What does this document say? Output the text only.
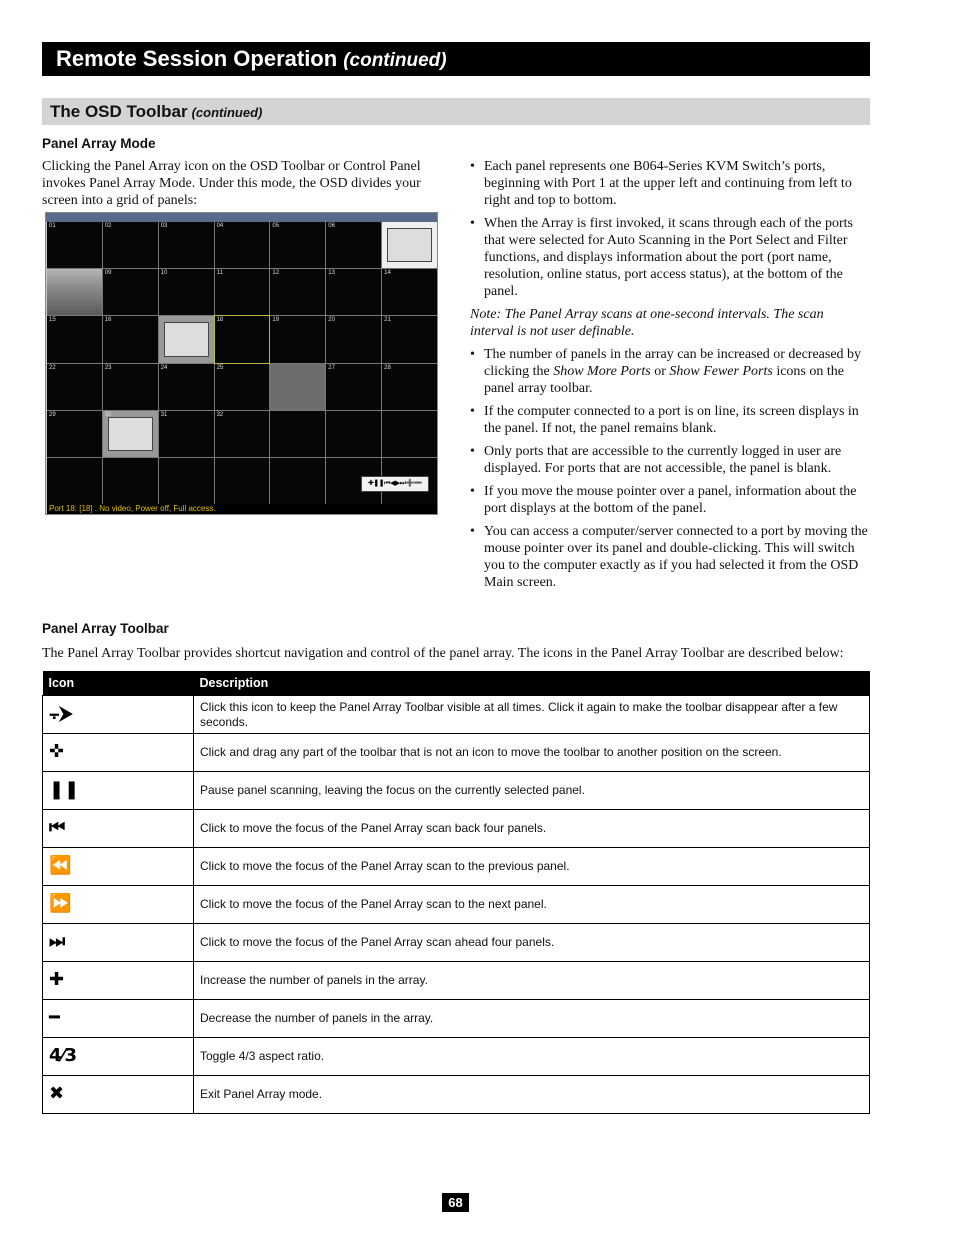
Remote Session Operation (continued)
The OSD Toolbar (continued)
Panel Array Mode
Clicking the Panel Array icon on the OSD Toolbar or Control Panel invokes Panel Array Mode. Under this mode, the OSD divides your screen into a grid of panels:
01	02	03	04	05	06
09	10	11	12	13	14
15	16	18	19	20	21
22	23	24	25	27	28
29	30	31	32
✚❚❚⏮◀▶⏭➕➖
Port 18: [18] . No video, Power off, Full access.
• Each panel represents one B064-Series KVM Switch’s ports, beginning with Port 1 at the upper left and continuing from left to right and top to bottom.
• When the Array is first invoked, it scans through each of the ports that were selected for Auto Scanning in the Port Select and Filter functions, and displays information about the port (port name, resolution, online status, port access status), at the bottom of the panel.
Note: The Panel Array scans at one-second intervals. The scan interval is not user definable.
• The number of panels in the array can be increased or decreased by clicking the Show More Ports or Show Fewer Ports icons on the panel array toolbar.
• If the computer connected to a port is on line, its screen displays in the panel. If not, the panel remains blank.
• Only ports that are accessible to the currently logged in user are displayed. For ports that are not accessible, the panel is blank.
• If you move the mouse pointer over a panel, information about the port displays at the bottom of the panel.
• You can access a computer/server connected to a port by moving the mouse pointer over its panel and double-clicking. This will switch you to the computer exactly as if you had selected it from the OSD Main screen.
Panel Array Toolbar
The Panel Array Toolbar provides shortcut navigation and control of the panel array. The icons in the Panel Array Toolbar are described below:
Icon	Description
⨪⮞	Click this icon to keep the Panel Array Toolbar visible at all times. Click it again to make the toolbar disappear after a few seconds.
✜	Click and drag any part of the toolbar that is not an icon to move the toolbar to another position on the screen.
❚❚	Pause panel scanning, leaving the focus on the currently selected panel.
⏮	Click to move the focus of the Panel Array scan back four panels.
⏪	Click to move the focus of the Panel Array scan to the previous panel.
⏩	Click to move the focus of the Panel Array scan to the next panel.
⏭	Click to move the focus of the Panel Array scan ahead four panels.
✚	Increase the number of panels in the array.
━	Decrease the number of panels in the array.
4⁄3	Toggle 4/3 aspect ratio.
✖	Exit Panel Array mode.
68
